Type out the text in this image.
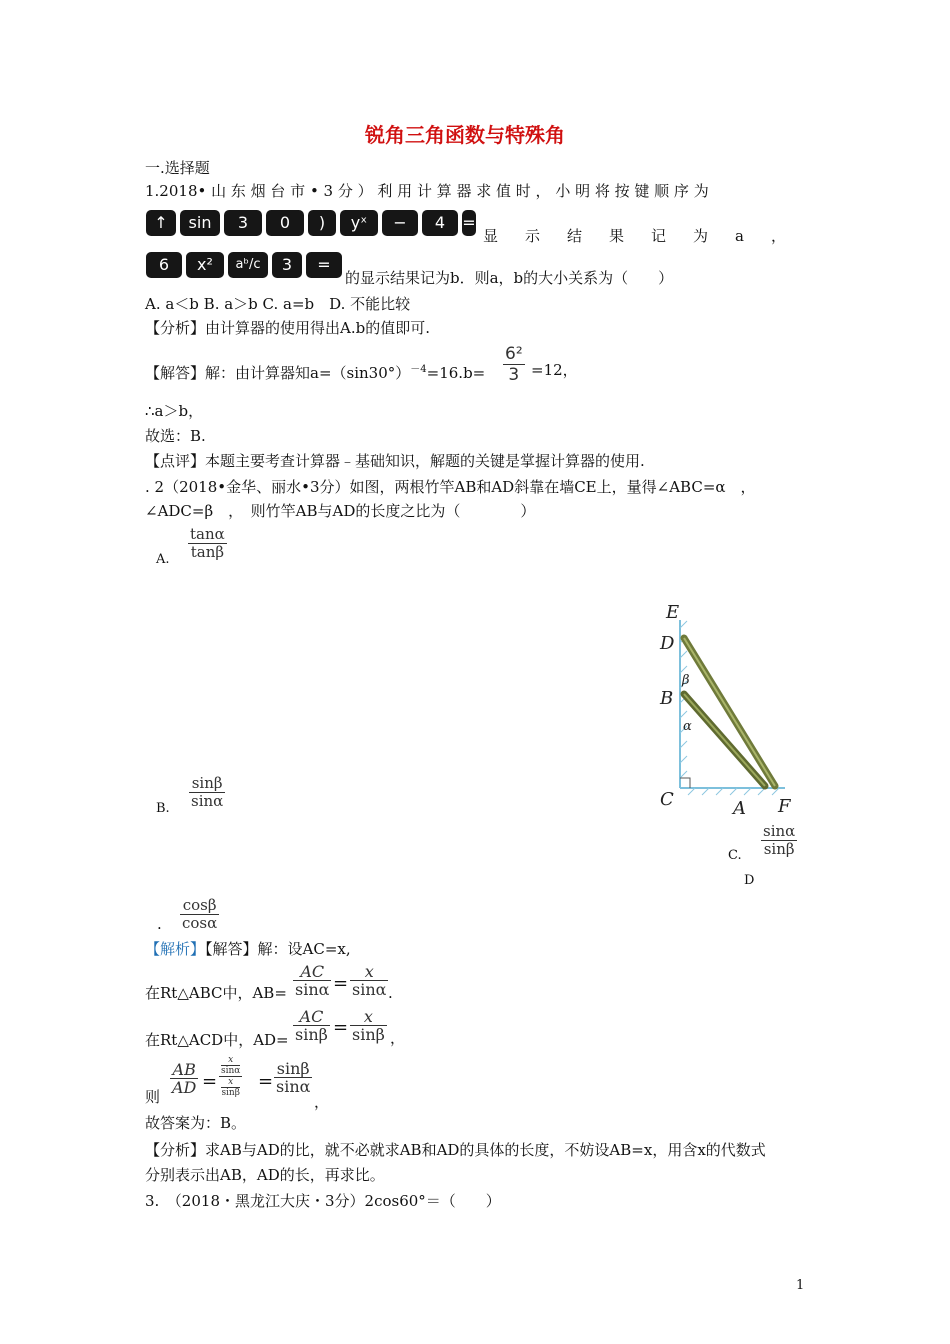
锐角三角函数与特殊角
一.选择题
1.2018• 山 东 烟 台 市 • 3 分 ） 利 用 计 算 器 求 值 时 ， 小 明 将 按 键 顺 序 为
↑	sin	3	0	)	yˣ	−	4	=
显　示　结　果　记　为　a　，
6	x²	aᵇ/c	3	=
的显示结果记为b．则a，b的大小关系为（　　）
A. a＜b B. a＞b C. a=b　D. 不能比较
【分析】由计算器的使用得出A.b的值即可.
【解答】解：由计算器知$a=(\sin 30^\circ)^{-4}=16.b= \frac{\text{6²}}{3} =12$，
∴a＞b，
故选：B.
【点评】本题主要考查计算器﹣基础知识，解题的关键是掌握计算器的使用.
. 2（2018•金华、丽水•3分）如图，两根竹竿AB和AD斜靠在墙CE上，量得∠ABC=α　，
∠ADC=β　，　则竹竿AB与AD的长度之比为（　　　　）
A. $\frac{\tan\alpha}{\tan\beta}$
B. $\frac{\sin\beta}{\sin\alpha}$
E
D
B
β
α
C	A F
$\frac{\sin\alpha}{\sin\beta}$
C.
D
. $\frac{\cos\beta}{\cos\alpha}$
【解析】【解答】解：设AC=x,
在Rt△ABC中，$AB= \frac{AC}{\sin\alpha} = \frac{x}{\sin\alpha}$ .
在Rt△ACD中，$AD= \frac{AC}{\sin\beta} = \frac{x}{\sin\beta}$ ，
则
$\frac{AB}{AD} = x$
sinα
x
$\sin\beta = \frac{\sin\beta}{\sin\alpha}$
，
故答案为：B。
【分析】求AB与AD的比，就不必就求AB和AD的具体的长度，不妨设AB=x，用含x的代数式
分别表示出AB，AD的长，再求比。
3.　（2018・黑龙江大庆・3分）2cos60°＝（　　）
1
